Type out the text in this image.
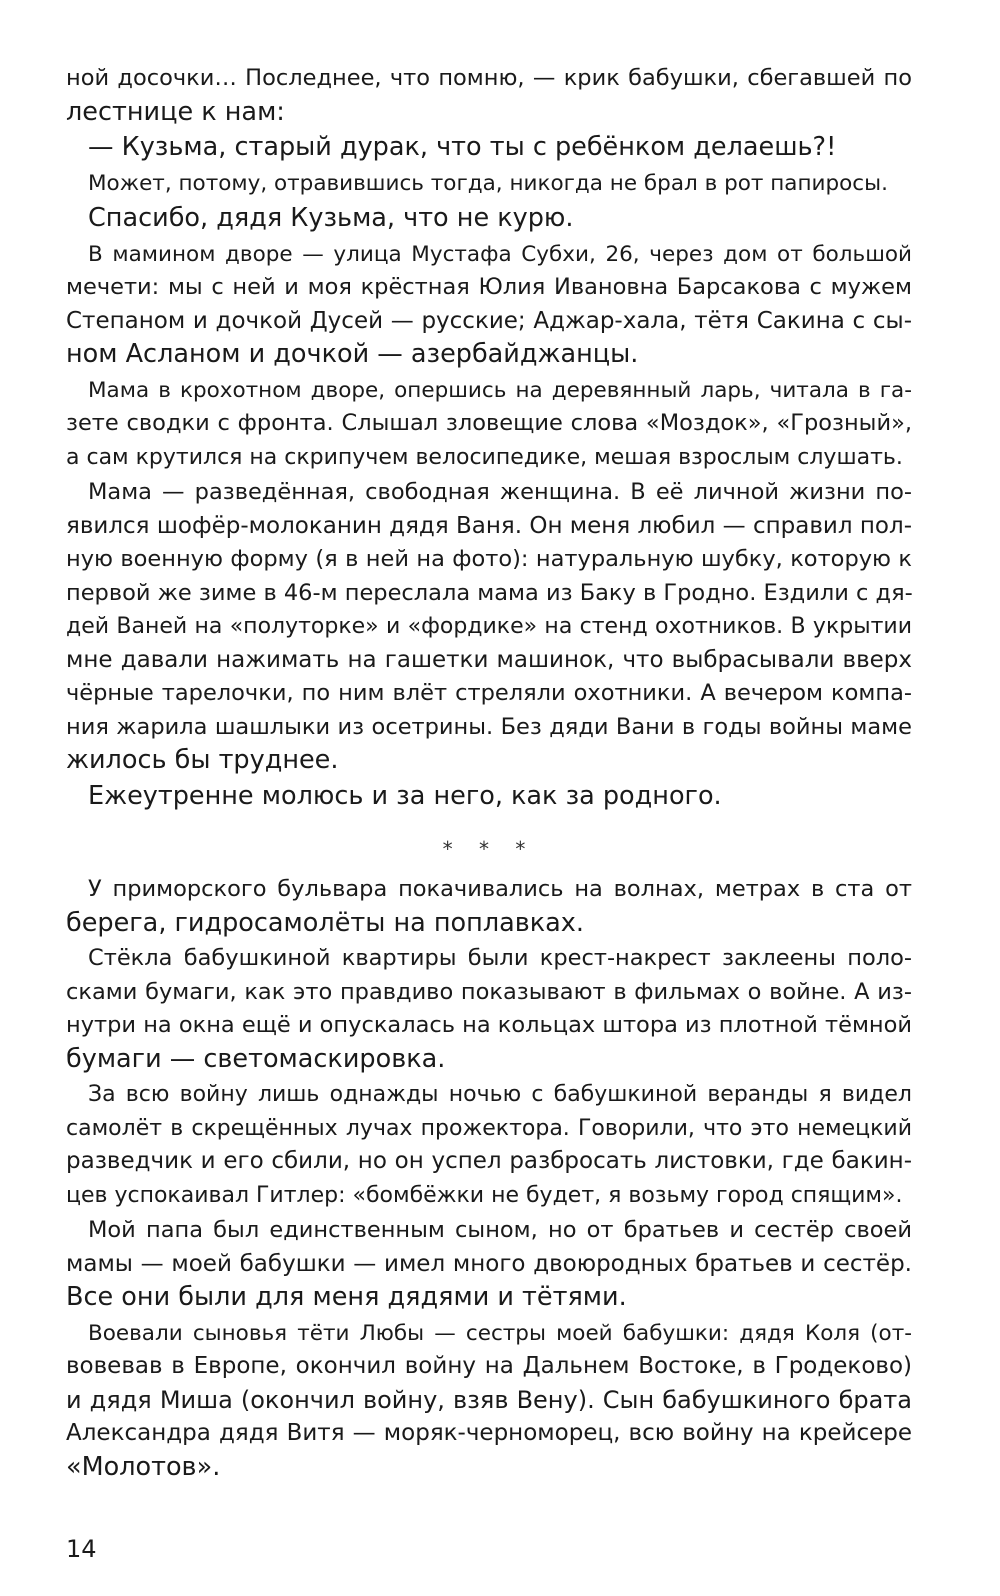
ной досочки… Последнее, что помню, — крик бабушки, сбегавшей по
лестнице к нам:
— Кузьма, старый дурак, что ты с ребёнком делаешь?!
Может, потому, отравившись тогда, никогда не брал в рот папиросы.
Спасибо, дядя Кузьма, что не курю.
В мамином дворе — улица Мустафа Субхи, 26, через дом от большой
мечети: мы с ней и моя крёстная Юлия Ивановна Барсакова с мужем
Степаном и дочкой Дусей — русские; Аджар-хала, тётя Сакина с сы-
ном Асланом и дочкой — азербайджанцы.
Мама в крохотном дворе, опершись на деревянный ларь, читала в га-
зете сводки с фронта. Слышал зловещие слова «Моздок», «Грозный»,
а сам крутился на скрипучем велосипедике, мешая взрослым слушать.
Мама — разведённая, свободная женщина. В её личной жизни по-
явился шофёр-молоканин дядя Ваня. Он меня любил — справил пол-
ную военную форму (я в ней на фото): натуральную шубку, которую к
первой же зиме в 46-м переслала мама из Баку в Гродно. Ездили с дя-
дей Ваней на «полуторке» и «фордике» на стенд охотников. В укрытии
мне давали нажимать на гашетки машинок, что выбрасывали вверх
чёрные тарелочки, по ним влёт стреляли охотники. А вечером компа-
ния жарила шашлыки из осетрины. Без дяди Вани в годы войны маме
жилось бы труднее.
Ежеутренне молюсь и за него, как за родного.
* * *
У приморского бульвара покачивались на волнах, метрах в ста от
берега, гидросамолёты на поплавках.
Стёкла бабушкиной квартиры были крест-накрест заклеены поло-
сками бумаги, как это правдиво показывают в фильмах о войне. А из-
нутри на окна ещё и опускалась на кольцах штора из плотной тёмной
бумаги — светомаскировка.
За всю войну лишь однажды ночью с бабушкиной веранды я видел
самолёт в скрещённых лучах прожектора. Говорили, что это немецкий
разведчик и его сбили, но он успел разбросать листовки, где бакин-
цев успокаивал Гитлер: «бомбёжки не будет, я возьму город спящим».
Мой папа был единственным сыном, но от братьев и сестёр своей
мамы — моей бабушки — имел много двоюродных братьев и сестёр.
Все они были для меня дядями и тётями.
Воевали сыновья тёти Любы — сестры моей бабушки: дядя Коля (от-
вовевав в Европе, окончил войну на Дальнем Востоке, в Гродеково)
и дядя Миша (окончил войну, взяв Вену). Сын бабушкиного брата
Александра дядя Витя — моряк-черноморец, всю войну на крейсере
«Молотов».
14
